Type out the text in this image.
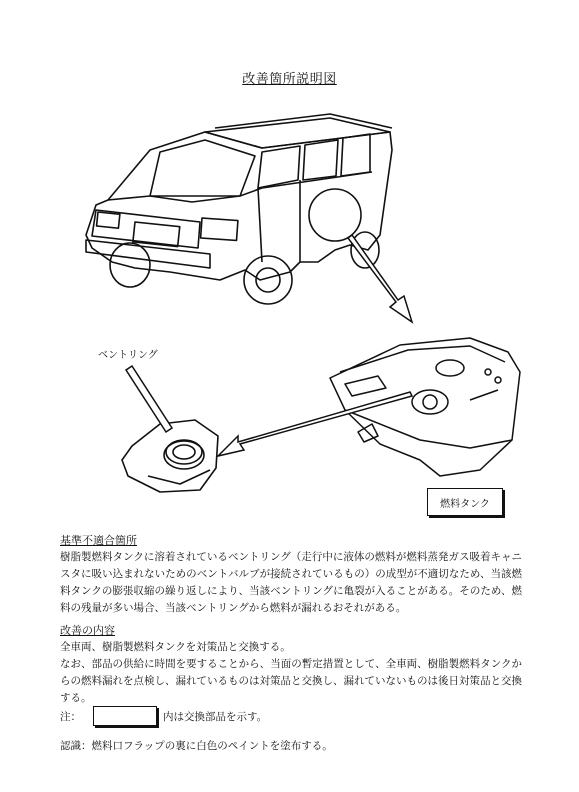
改善箇所説明図
ベントリング
燃料タンク
基準不適合箇所
樹脂製燃料タンクに溶着されているベントリング（走行中に液体の燃料が燃料蒸発ガス吸着キャニスタに吸い込まれないためのベントバルブが接続されているもの）の成型が不適切なため、当該燃料タンクの膨張収縮の繰り返しにより、当該ベントリングに亀裂が入ることがある。そのため、燃料の残量が多い場合、当該ベントリングから燃料が漏れるおそれがある。
改善の内容
全車両、樹脂製燃料タンクを対策品と交換する。
なお、部品の供給に時間を要することから、当面の暫定措置として、全車両、樹脂製燃料タンクからの燃料漏れを点検し、漏れているものは対策品と交換し、漏れていないものは後日対策品と交換する。
注：	内は交換部品を示す。
認識：燃料口フラップの裏に白色のペイントを塗布する。
